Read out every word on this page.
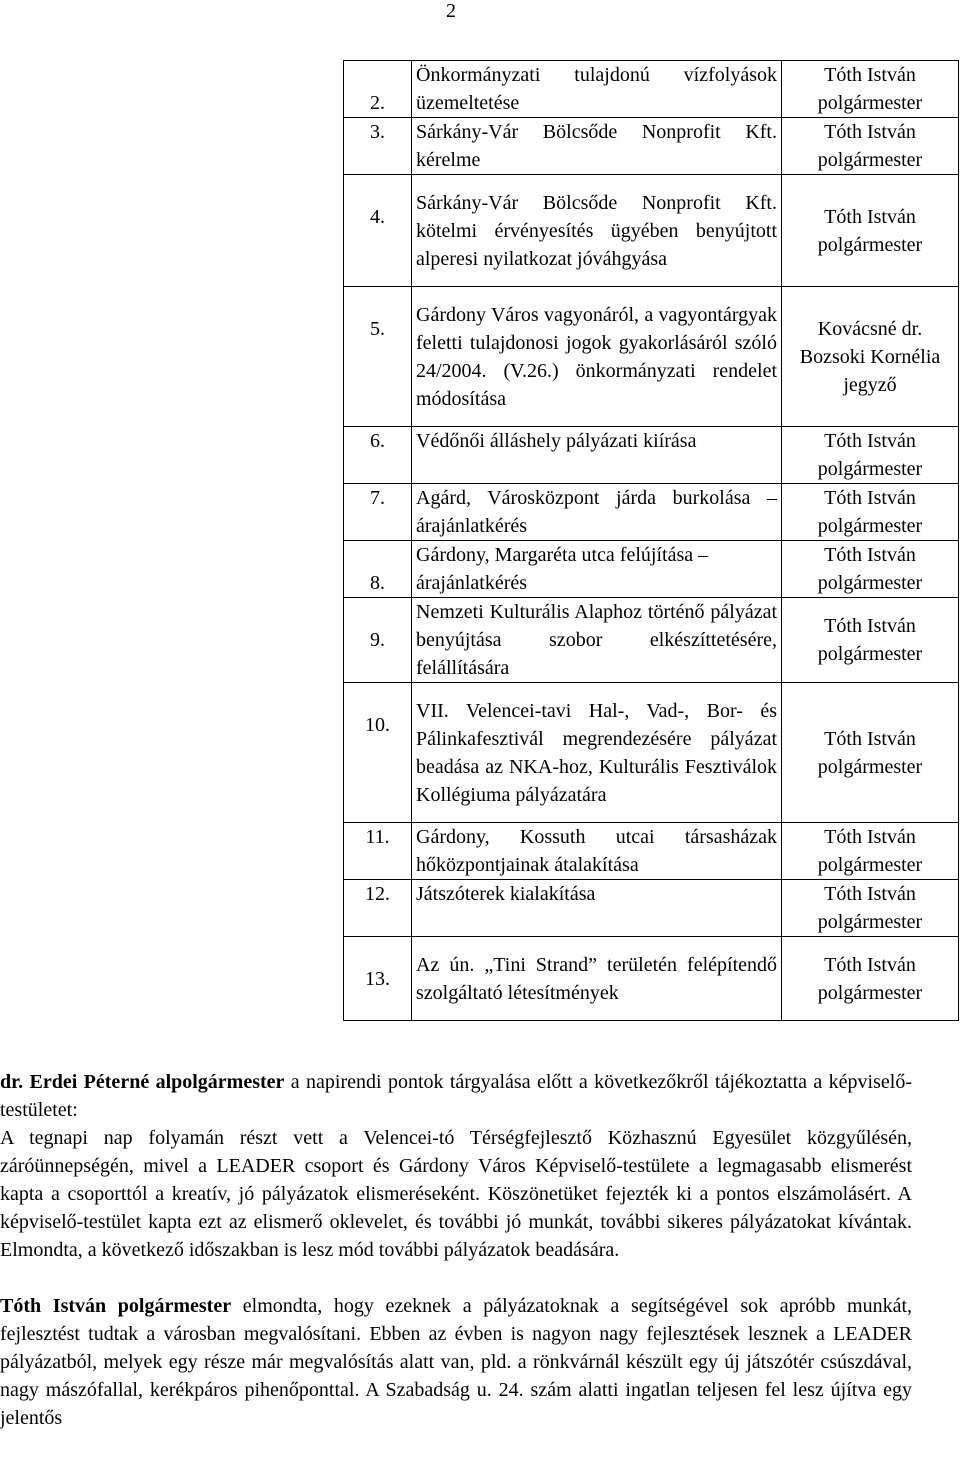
2
2.	Önkormányzati tulajdonú vízfolyások üzemeltetése	Tóth István polgármester
3.	Sárkány-Vár Bölcsőde Nonprofit Kft. kérelme	Tóth István polgármester
4.	Sárkány-Vár Bölcsőde Nonprofit Kft. kötelmi érvényesítés ügyében benyújtott alperesi nyilatkozat jóváhgyása	Tóth István polgármester
5.	Gárdony Város vagyonáról, a vagyontárgyak feletti tulajdonosi jogok gyakorlásáról szóló 24/2004. (V.26.) önkormányzati rendelet módosítása	Kovácsné dr. Bozsoki Kornélia jegyző
6.	Védőnői álláshely pályázati kiírása	Tóth István polgármester
7.	Agárd, Városközpont járda burkolása – árajánlatkérés	Tóth István polgármester
8.	Gárdony, Margaréta utca felújítása – árajánlatkérés	Tóth István polgármester
9.	Nemzeti Kulturális Alaphoz történő pályázat benyújtása szobor elkészíttetésére, felállítására	Tóth István polgármester
10.	VII. Velencei-tavi Hal-, Vad-, Bor- és Pálinkafesztivál megrendezésére pályázat beadása az NKA-hoz, Kulturális Fesztiválok Kollégiuma pályázatára	Tóth István polgármester
11.	Gárdony, Kossuth utcai társasházak hőközpontjainak átalakítása	Tóth István polgármester
12.	Játszóterek kialakítása	Tóth István polgármester
13.	Az ún. „Tini Strand” területén felépítendő szolgáltató létesítmények	Tóth István polgármester

dr. Erdei Péterné alpolgármester a napirendi pontok tárgyalása előtt a következőkről tájékoztatta a képviselő-testületet:
A tegnapi nap folyamán részt vett a Velencei-tó Térségfejlesztő Közhasznú Egyesület közgyűlésén, záróünnepségén, mivel a LEADER csoport és Gárdony Város Képviselő-testülete a legmagasabb elismerést kapta a csoporttól a kreatív, jó pályázatok elismeréseként. Köszönetüket fejezték ki a pontos elszámolásért. A képviselő-testület kapta ezt az elismerő oklevelet, és további jó munkát, további sikeres pályázatokat kívántak. Elmondta, a következő időszakban is lesz mód további pályázatok beadására.

Tóth István polgármester elmondta, hogy ezeknek a pályázatoknak a segítségével sok apróbb munkát, fejlesztést tudtak a városban megvalósítani. Ebben az évben is nagyon nagy fejlesztések lesznek a LEADER pályázatból, melyek egy része már megvalósítás alatt van, pld. a rönkvárnál készült egy új játszótér csúszdával, nagy mászófallal, kerékpáros pihenőponttal. A Szabadság u. 24. szám alatti ingatlan teljesen fel lesz újítva egy jelentős
